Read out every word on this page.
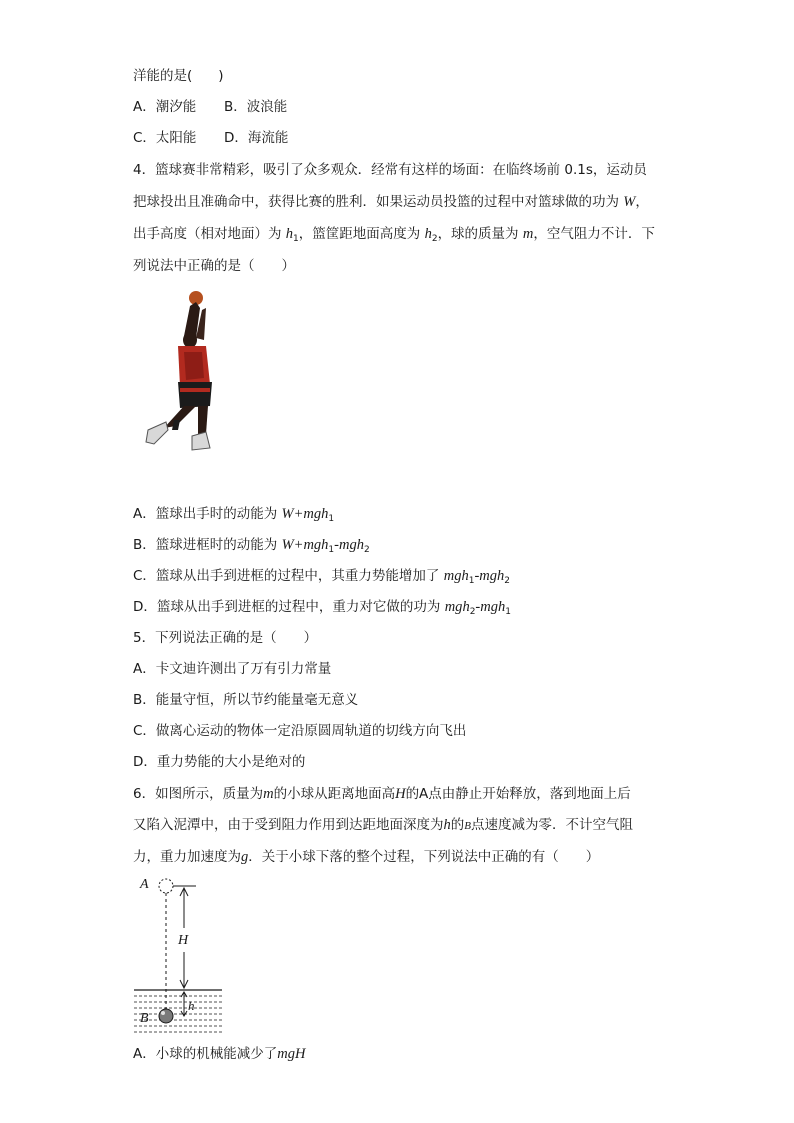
洋能的是( )
A．潮汐能 B．波浪能
C．太阳能 D．海流能
4．篮球赛非常精彩，吸引了众多观众．经常有这样的场面：在临终场前 0.1s，运动员
把球投出且准确命中，获得比赛的胜利．如果运动员投篮的过程中对篮球做的功为 W，
出手高度（相对地面）为 $h_1$，篮筐距地面高度为 $h_2$，球的质量为 m，空气阻力不计．下
列说法中正确的是（　　）
A．篮球出手时的动能为 W+mgh$_1$
B．篮球进框时的动能为 W+mgh$_1$-mgh$_2$
C．篮球从出手到进框的过程中，其重力势能增加了 mgh$_1$-mgh$_2$
D．篮球从出手到进框的过程中，重力对它做的功为 mgh$_2$-mgh$_1$
5．下列说法正确的是（　　）
A．卡文迪许测出了万有引力常量
B．能量守恒，所以节约能量毫无意义
C．做离心运动的物体一定沿原圆周轨道的切线方向飞出
D．重力势能的大小是绝对的
6．如图所示，质量为m的小球从距离地面高H的A点由静止开始释放，落到地面上后
又陷入泥潭中，由于受到阻力作用到达距地面深度为h的B点速度减为零．不计空气阻
力，重力加速度为g．关于小球下落的整个过程，下列说法中正确的有（　　）
A
H
h
B
A．小球的机械能减少了mgH
